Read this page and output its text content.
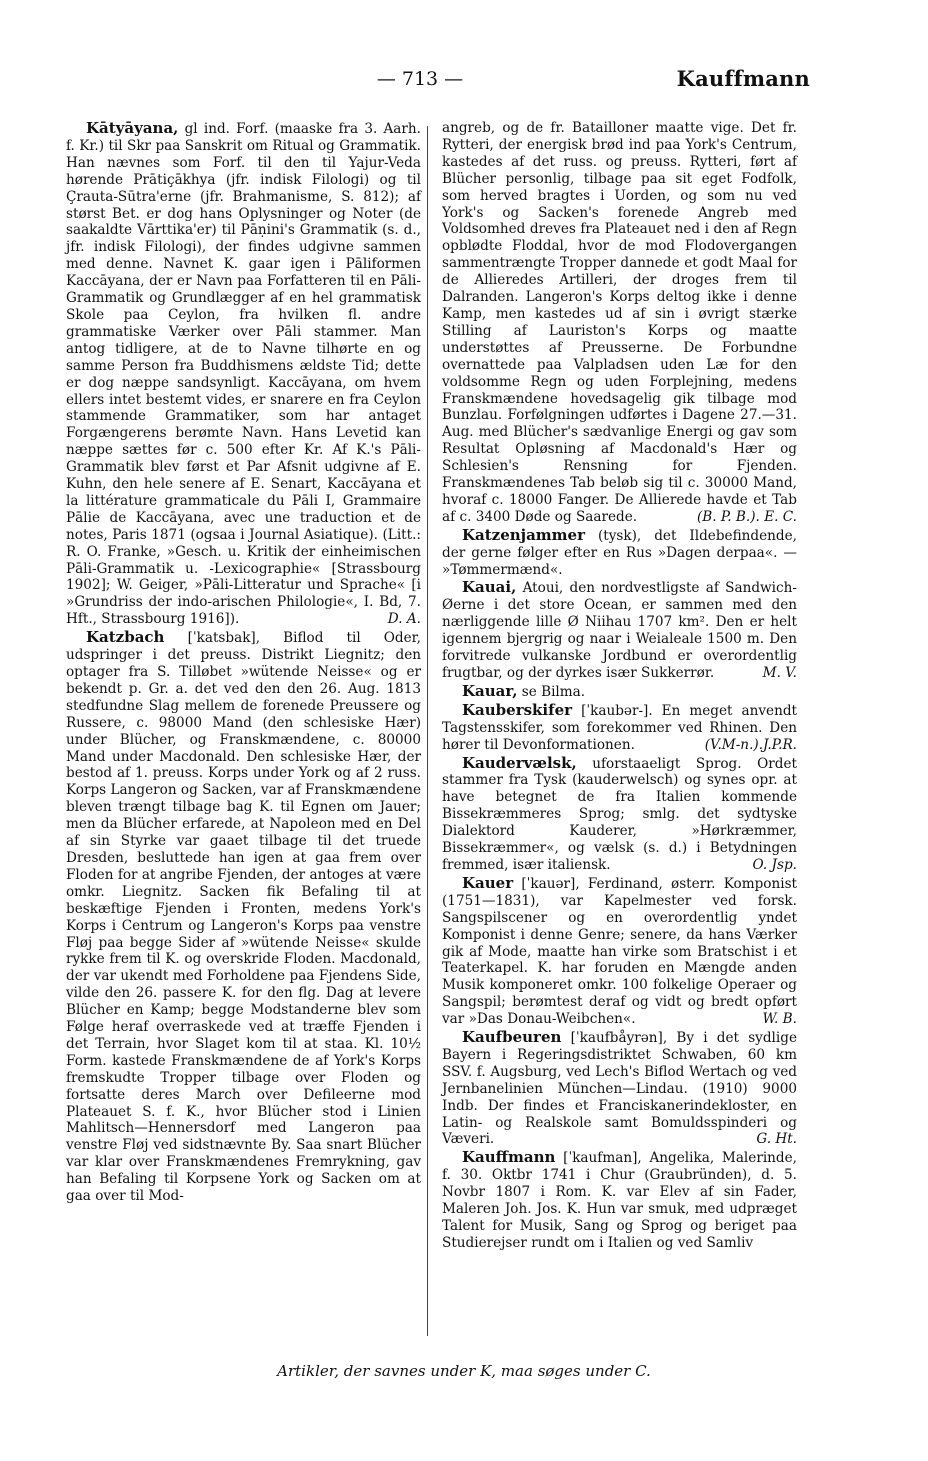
— 713 —	Kauffmann

Kātyāyana, gl ind. Forf. (maaske fra 3. Aarh. f. Kr.) til Skr paa Sanskrit om Ritual og Grammatik. Han nævnes som Forf. til den til Yajur-Veda hørende Prātiçākhya (jfr. indisk Filologi) og til Çrauta-Sūtra'erne (jfr. Brahmanisme, S. 812); af størst Bet. er dog hans Oplysninger og Noter (de saakaldte Vārttika'er) til Pāṇini's Grammatik (s. d., jfr. indisk Filologi), der findes udgivne sammen med denne. Navnet K. gaar igen i Pāliformen Kaccāyana, der er Navn paa Forfatteren til en Pāli-Grammatik og Grundlægger af en hel grammatisk Skole paa Ceylon, fra hvilken fl. andre grammatiske Værker over Pāli stammer. Man antog tidligere, at de to Navne tilhørte en og samme Person fra Buddhismens ældste Tid; dette er dog næppe sandsynligt. Kaccāyana, om hvem ellers intet bestemt vides, er snarere en fra Ceylon stammende Grammatiker, som har antaget Forgængerens berømte Navn. Hans Levetid kan næppe sættes før c. 500 efter Kr. Af K.'s Pāli-Grammatik blev først et Par Afsnit udgivne af E. Kuhn, den hele senere af E. Senart, Kaccāyana et la littérature grammaticale du Pāli I, Grammaire Pālie de Kaccāyana, avec une traduction et de notes, Paris 1871 (ogsaa i Journal Asiatique). (Litt.: R. O. Franke, »Gesch. u. Kritik der einheimischen Pāli-Grammatik u. -Lexicographie« [Strassbourg 1902]; W. Geiger, »Pāli-Litteratur und Sprache« [i »Grundriss der indo-arischen Philologie«, I. Bd, 7. Hft., Strassbourg 1916]).	D. A.

Katzbach [ˈkatsbak], Biflod til Oder, udspringer i det preuss. Distrikt Liegnitz; den optager fra S. Tilløbet »wütende Neisse« og er bekendt p. Gr. a. det ved den den 26. Aug. 1813 stedfundne Slag mellem de forenede Preussere og Russere, c. 98000 Mand (den schlesiske Hær) under Blücher, og Franskmændene, c. 80000 Mand under Macdonald. Den schlesiske Hær, der bestod af 1. preuss. Korps under York og af 2 russ. Korps Langeron og Sacken, var af Franskmændene bleven trængt tilbage bag K. til Egnen om Jauer; men da Blücher erfarede, at Napoleon med en Del af sin Styrke var gaaet tilbage til det truede Dresden, besluttede han igen at gaa frem over Floden for at angribe Fjenden, der antoges at være omkr. Liegnitz. Sacken fik Befaling til at beskæftige Fjenden i Fronten, medens York's Korps i Centrum og Langeron's Korps paa venstre Fløj paa begge Sider af »wütende Neisse« skulde rykke frem til K. og overskride Floden. Macdonald, der var ukendt med Forholdene paa Fjendens Side, vilde den 26. passere K. for den flg. Dag at levere Blücher en Kamp; begge Modstanderne blev som Følge heraf overraskede ved at træffe Fjenden i det Terrain, hvor Slaget kom til at staa. Kl. 10½ Form. kastede Franskmændene de af York's Korps fremskudte Tropper tilbage over Floden og fortsatte deres March over Defileerne mod Plateauet S. f. K., hvor Blücher stod i Linien Mahlitsch—Hennersdorf med Langeron paa venstre Fløj ved sidstnævnte By. Saa snart Blücher var klar over Franskmændenes Fremrykning, gav han Befaling til Korpsene York og Sacken om at gaa over til Mod-

angreb, og de fr. Batailloner maatte vige. Det fr. Rytteri, der energisk brød ind paa York's Centrum, kastedes af det russ. og preuss. Rytteri, ført af Blücher personlig, tilbage paa sit eget Fodfolk, som herved bragtes i Uorden, og som nu ved York's og Sacken's forenede Angreb med Voldsomhed dreves fra Plateauet ned i den af Regn opblødte Floddal, hvor de mod Flodovergangen sammentrængte Tropper dannede et godt Maal for de Allieredes Artilleri, der droges frem til Dalranden. Langeron's Korps deltog ikke i denne Kamp, men kastedes ud af sin i øvrigt stærke Stilling af Lauriston's Korps og maatte understøttes af Preusserne. De Forbundne overnattede paa Valpladsen uden Læ for den voldsomme Regn og uden Forplejning, medens Franskmændene hovedsagelig gik tilbage mod Bunzlau. Forfølgningen udførtes i Dagene 27.—31. Aug. med Blücher's sædvanlige Energi og gav som Resultat Opløsning af Macdonald's Hær og Schlesien's Rensning for Fjenden. Franskmændenes Tab beløb sig til c. 30000 Mand, hvoraf c. 18000 Fanger. De Allierede havde et Tab af c. 3400 Døde og Saarede.	(B. P. B.). E. C.

Katzenjammer (tysk), det Ildebefindende, der gerne følger efter en Rus »Dagen derpaa«. — »Tømmermænd«.

Kauai, Atoui, den nordvestligste af Sandwich-Øerne i det store Ocean, er sammen med den nærliggende lille Ø Niihau 1707 km². Den er helt igennem bjergrig og naar i Weialeale 1500 m. Den forvitrede vulkanske Jordbund er overordentlig frugtbar, og der dyrkes især Sukkerrør.	M. V.

Kauar, se Bilma.

Kauberskifer [ˈkaubər-]. En meget anvendt Tagstensskifer, som forekommer ved Rhinen. Den hører til Devonformationen.	(V.M-n.).J.P.R.

Kaudervælsk, uforstaaeligt Sprog. Ordet stammer fra Tysk (kauderwelsch) og synes opr. at have betegnet de fra Italien kommende Bissekræmmeres Sprog; smlg. det sydtyske Dialektord Kauderer, »Hørkræmmer, Bissekræmmer«, og vælsk (s. d.) i Betydningen fremmed, især italiensk.	O. Jsp.

Kauer [ˈkauər], Ferdinand, østerr. Komponist (1751—1831), var Kapelmester ved forsk. Sangspilscener og en overordentlig yndet Komponist i denne Genre; senere, da hans Værker gik af Mode, maatte han virke som Bratschist i et Teaterkapel. K. har foruden en Mængde anden Musik komponeret omkr. 100 folkelige Operaer og Sangspil; berømtest deraf og vidt og bredt opført var »Das Donau-Weibchen«.	W. B.

Kaufbeuren [ˈkaufbåyrən], By i det sydlige Bayern i Regeringsdistriktet Schwaben, 60 km SSV. f. Augsburg, ved Lech's Biflod Wertach og ved Jernbanelinien München—Lindau. (1910) 9000 Indb. Der findes et Franciskanerindekloster, en Latin- og Realskole samt Bomuldsspinderi og Væveri.	G. Ht.

Kauffmann [ˈkaufman], Angelika, Malerinde, f. 30. Oktbr 1741 i Chur (Graubründen), d. 5. Novbr 1807 i Rom. K. var Elev af sin Fader, Maleren Joh. Jos. K. Hun var smuk, med udpræget Talent for Musik, Sang og Sprog og beriget paa Studierejser rundt om i Italien og ved Samliv

Artikler, der savnes under K, maa søges under C.
